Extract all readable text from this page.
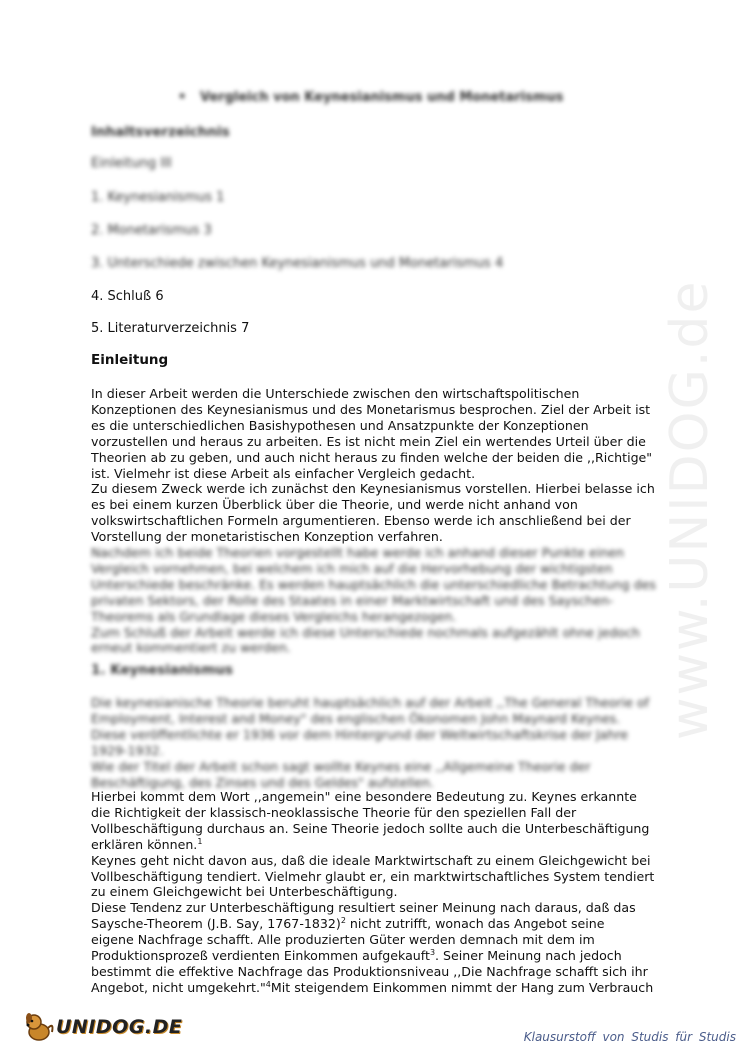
• Vergleich von Keynesianismus und Monetarismus
Inhaltsverzeichnis
Einleitung III
1. Keynesianismus 1
2. Monetarismus 3
3. Unterschiede zwischen Keynesianismus und Monetarismus 4
4. Schluß 6
5. Literaturverzeichnis 7
Einleitung
In dieser Arbeit werden die Unterschiede zwischen den wirtschaftspolitischen
Konzeptionen des Keynesianismus und des Monetarismus besprochen. Ziel der Arbeit ist
es die unterschiedlichen Basishypothesen und Ansatzpunkte der Konzeptionen
vorzustellen und heraus zu arbeiten. Es ist nicht mein Ziel ein wertendes Urteil über die
Theorien ab zu geben, und auch nicht heraus zu finden welche der beiden die ,,Richtige"
ist. Vielmehr ist diese Arbeit als einfacher Vergleich gedacht.
Zu diesem Zweck werde ich zunächst den Keynesianismus vorstellen. Hierbei belasse ich
es bei einem kurzen Überblick über die Theorie, und werde nicht anhand von
volkswirtschaftlichen Formeln argumentieren. Ebenso werde ich anschließend bei der
Vorstellung der monetaristischen Konzeption verfahren.
Nachdem ich beide Theorien vorgestellt habe werde ich anhand dieser Punkte einen
Vergleich vornehmen, bei welchem ich mich auf die Hervorhebung der wichtigsten
Unterschiede beschränke. Es werden hauptsächlich die unterschiedliche Betrachtung des
privaten Sektors, der Rolle des Staates in einer Marktwirtschaft und des Sayschen-
Theorems als Grundlage dieses Vergleichs herangezogen.
Zum Schluß der Arbeit werde ich diese Unterschiede nochmals aufgezählt ohne jedoch
erneut kommentiert zu werden.
1. Keynesianismus
Die keynesianische Theorie beruht hauptsächlich auf der Arbeit ,,The General Theorie of
Employment, Interest and Money" des englischen Ökonomen John Maynard Keynes.
Diese veröffentlichte er 1936 vor dem Hintergrund der Weltwirtschaftskrise der Jahre
1929-1932.
Wie der Titel der Arbeit schon sagt wollte Keynes eine ,,Allgemeine Theorie der
Beschäftigung, des Zinses und des Geldes" aufstellen.
Hierbei kommt dem Wort ,,angemein" eine besondere Bedeutung zu. Keynes erkannte
die Richtigkeit der klassisch-neoklassische Theorie für den speziellen Fall der
Vollbeschäftigung durchaus an. Seine Theorie jedoch sollte auch die Unterbeschäftigung
erklären können.$^1$
Keynes geht nicht davon aus, daß die ideale Marktwirtschaft zu einem Gleichgewicht bei
Vollbeschäftigung tendiert. Vielmehr glaubt er, ein marktwirtschaftliches System tendiert
zu einem Gleichgewicht bei Unterbeschäftigung.
Diese Tendenz zur Unterbeschäftigung resultiert seiner Meinung nach daraus, daß das
Saysche-Theorem (J.B. Say, 1767-1832)$^2$ nicht zutrifft, wonach das Angebot seine
eigene Nachfrage schafft. Alle produzierten Güter werden demnach mit dem im
Produktionsprozeß verdienten Einkommen aufgekauft$^3$. Seiner Meinung nach jedoch
bestimmt die effektive Nachfrage das Produktionsniveau ,,Die Nachfrage schafft sich ihr
Angebot, nicht umgekehrt."$^4$Mit steigendem Einkommen nimmt der Hang zum Verbrauch
www.UNIDOG.de
UNIDOG.DE	Klausurstoff von Studis für Studis
